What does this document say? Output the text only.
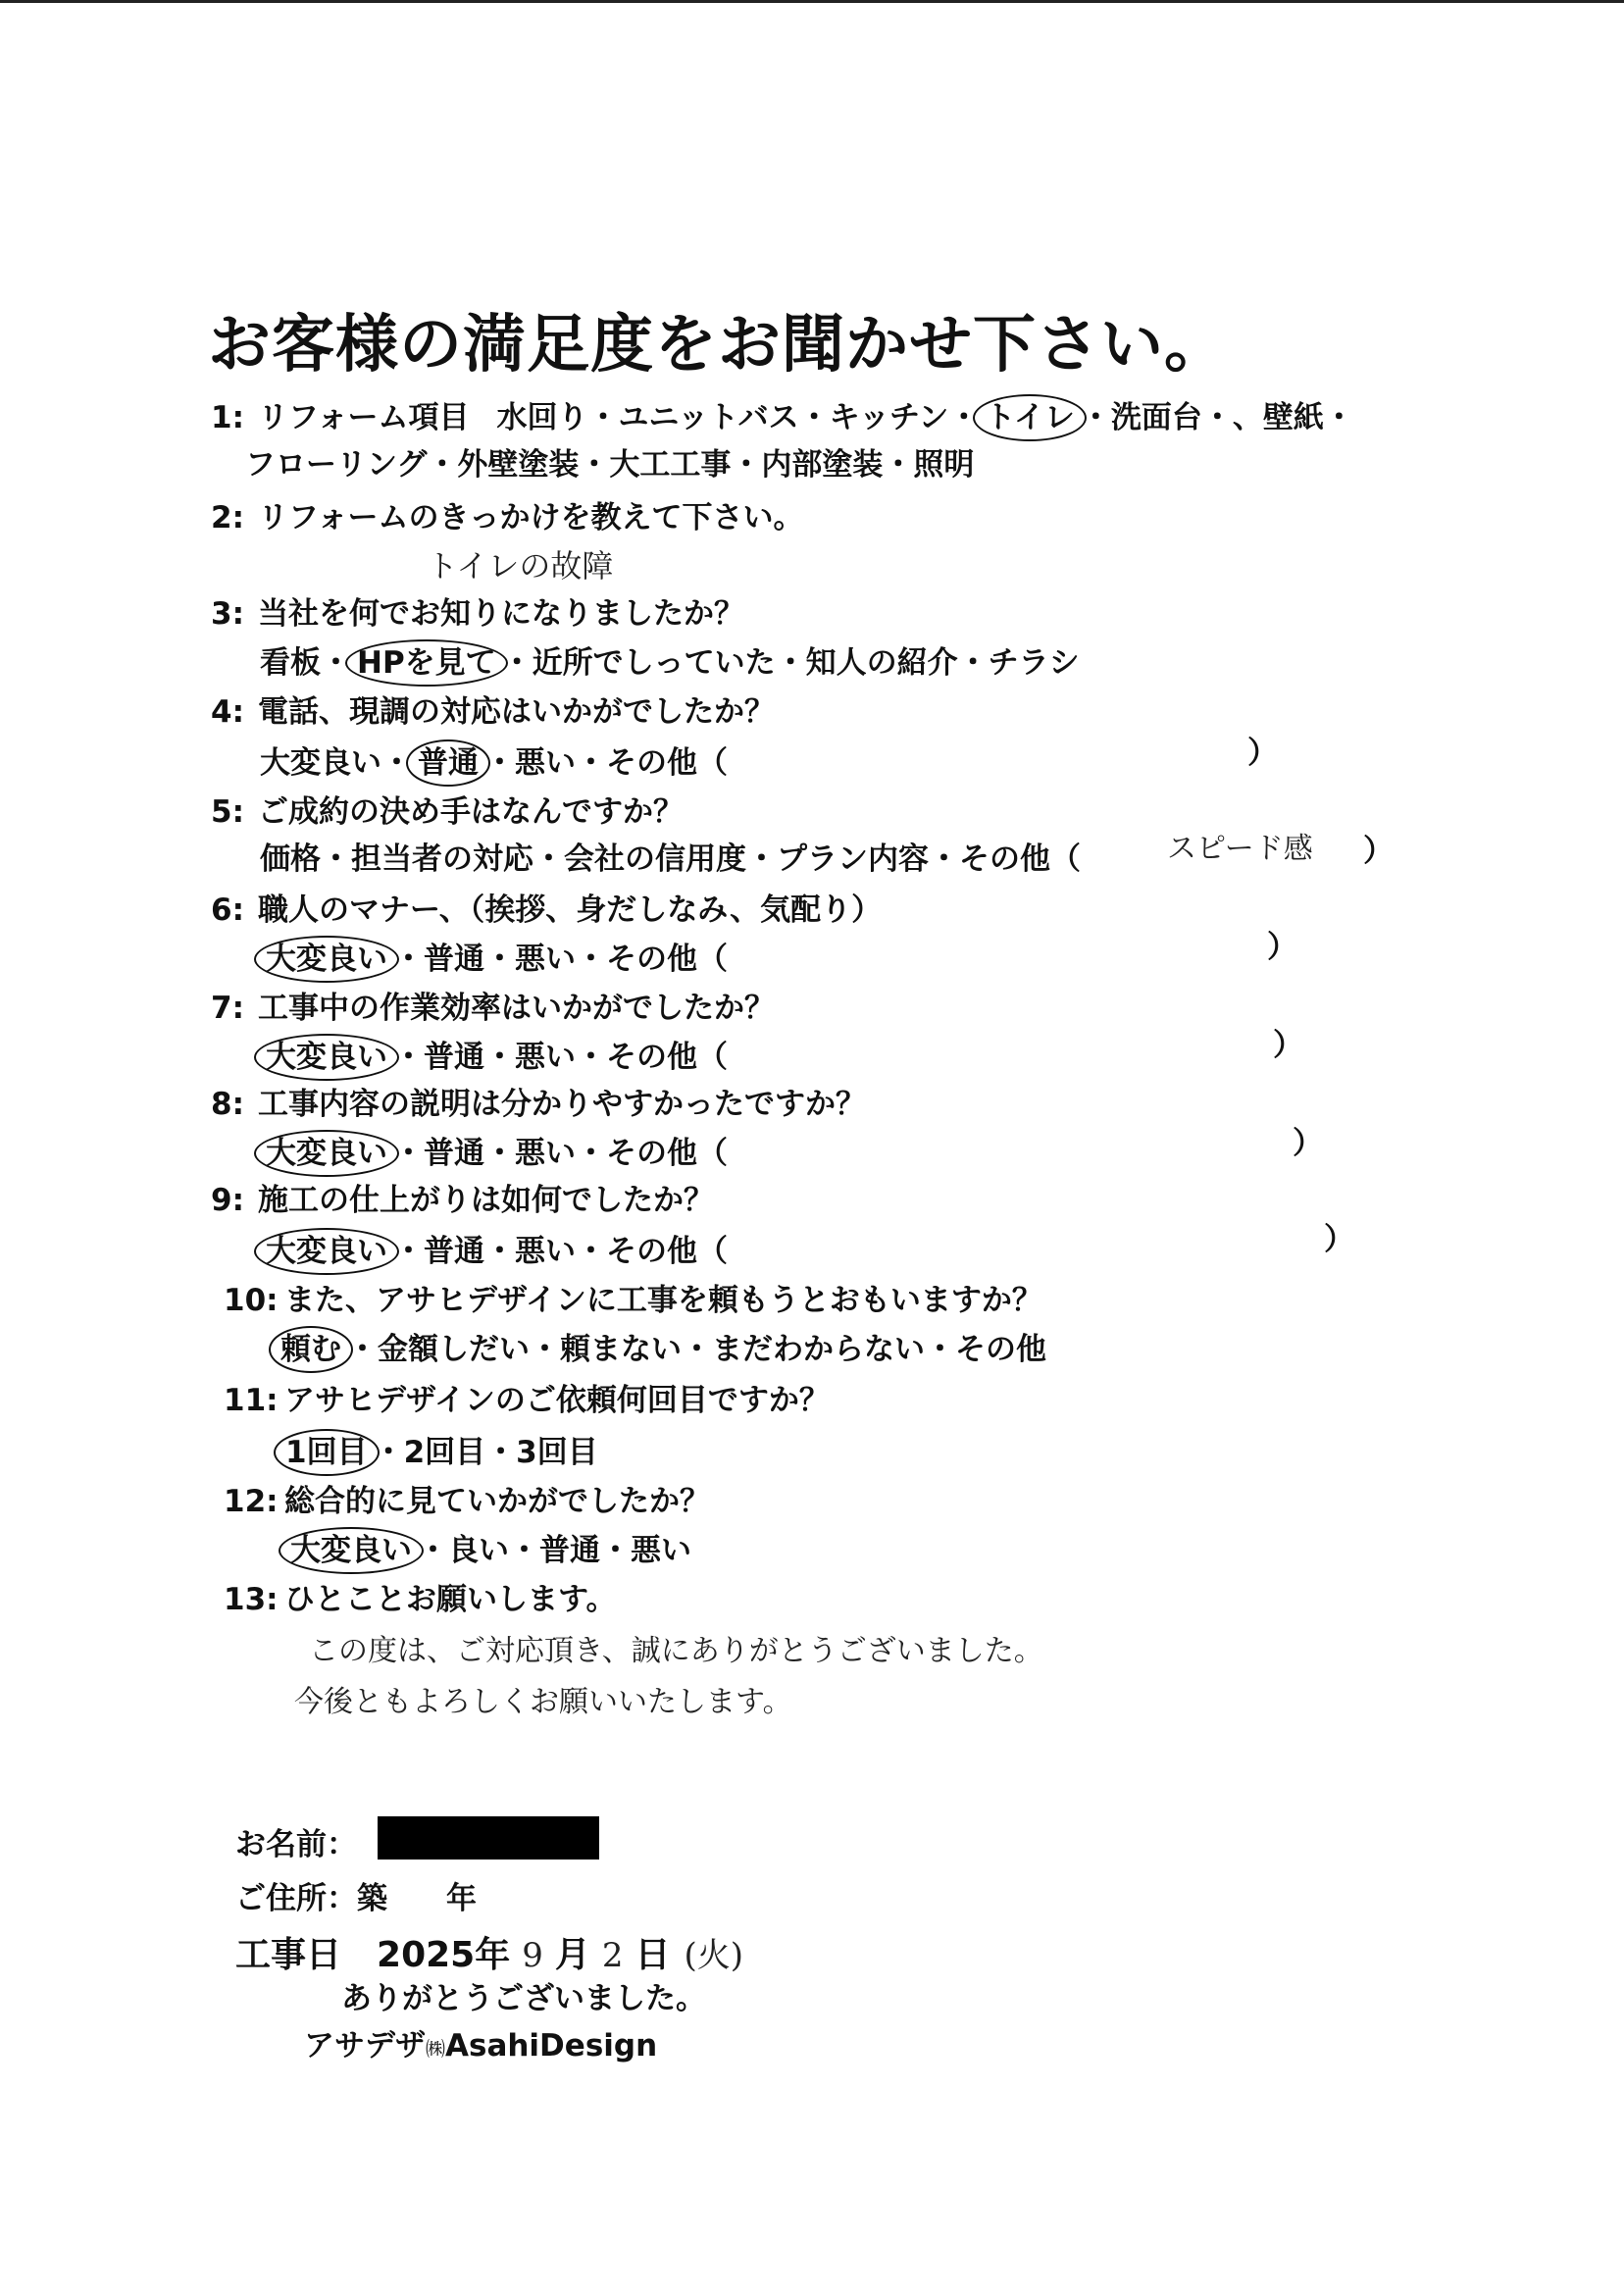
お客様の満足度をお聞かせ下さい。
1: リフォーム項目 水回り・ユニットバス・キッチン・ トイレ ・洗面台・、壁紙・
フローリング・外壁塗装・大工工事・内部塗装・照明
2: リフォームのきっかけを教えて下さい。
トイレの故障
3: 当社を何でお知りになりましたか？
看板・ HPを見て ・近所でしっていた・知人の紹介・チラシ
4: 電話、現調の対応はいかがでしたか？
大変良い・ 普通 ・悪い・その他（	）
5: ご成約の決め手はなんですか？
価格・担当者の対応・会社の信用度・プラン内容・その他（	スピード感 ）
6: 職人のマナー、（挨拶、身だしなみ、気配り）
大変良い ・普通・悪い・その他（	）
7: 工事中の作業効率はいかがでしたか？
大変良い ・普通・悪い・その他（	）
8: 工事内容の説明は分かりやすかったですか？
大変良い ・普通・悪い・その他（	）
9: 施工の仕上がりは如何でしたか？
大変良い ・普通・悪い・その他（	）
10: また、アサヒデザインに工事を頼もうとおもいますか？
頼む ・金額しだい・頼まない・まだわからない・その他
11: アサヒデザインのご依頼何回目ですか？
1回目 ・2回目・3回目
12: 総合的に見ていかがでしたか？
大変良い ・良い・普通・悪い
13: ひとことお願いします。
この度は、ご対応頂き、誠にありがとうございました。
今後ともよろしくお願いいたします。
お名前：
ご住所：築 年
工事日 2025年 9 月 2 日 (火)
ありがとうございました。
アサデザ㈱AsahiDesign
